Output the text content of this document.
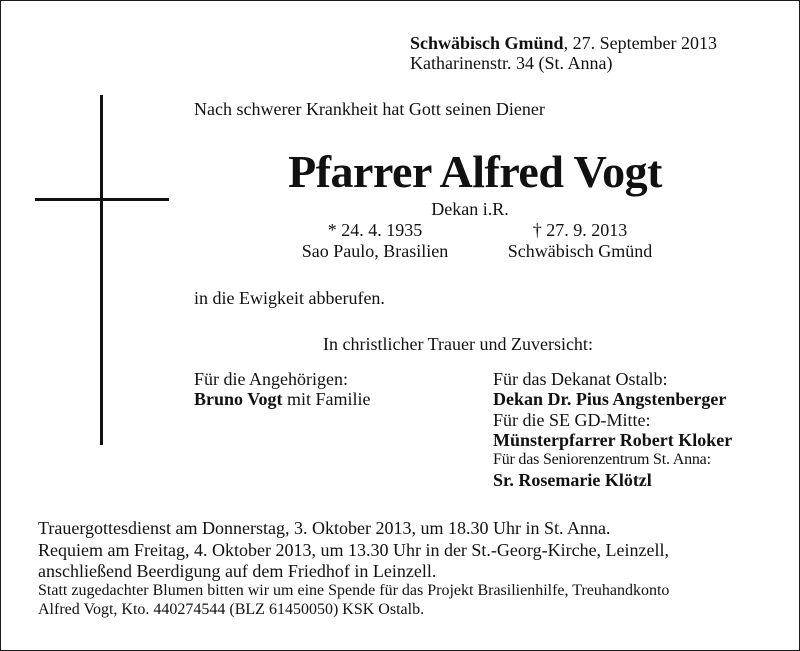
Schwäbisch Gmünd, 27. September 2013
Katharinenstr. 34 (St. Anna)
Nach schwerer Krankheit hat Gott seinen Diener
Pfarrer Alfred Vogt
Dekan i.R.
* 24. 4. 1935	† 27. 9. 2013
Sao Paulo, Brasilien	Schwäbisch Gmünd
in die Ewigkeit abberufen.
In christlicher Trauer und Zuversicht:
Für die Angehörigen:
Bruno Vogt mit Familie
Für das Dekanat Ostalb:
Dekan Dr. Pius Angstenberger
Für die SE GD-Mitte:
Münsterpfarrer Robert Kloker
Für das Seniorenzentrum St. Anna:
Sr. Rosemarie Klötzl
Trauergottesdienst am Donnerstag, 3. Oktober 2013, um 18.30 Uhr in St. Anna.
Requiem am Freitag, 4. Oktober 2013, um 13.30 Uhr in der St.-Georg-Kirche, Leinzell,
anschließend Beerdigung auf dem Friedhof in Leinzell.
Statt zugedachter Blumen bitten wir um eine Spende für das Projekt Brasilienhilfe, Treuhandkonto
Alfred Vogt, Kto. 440274544 (BLZ 61450050) KSK Ostalb.
